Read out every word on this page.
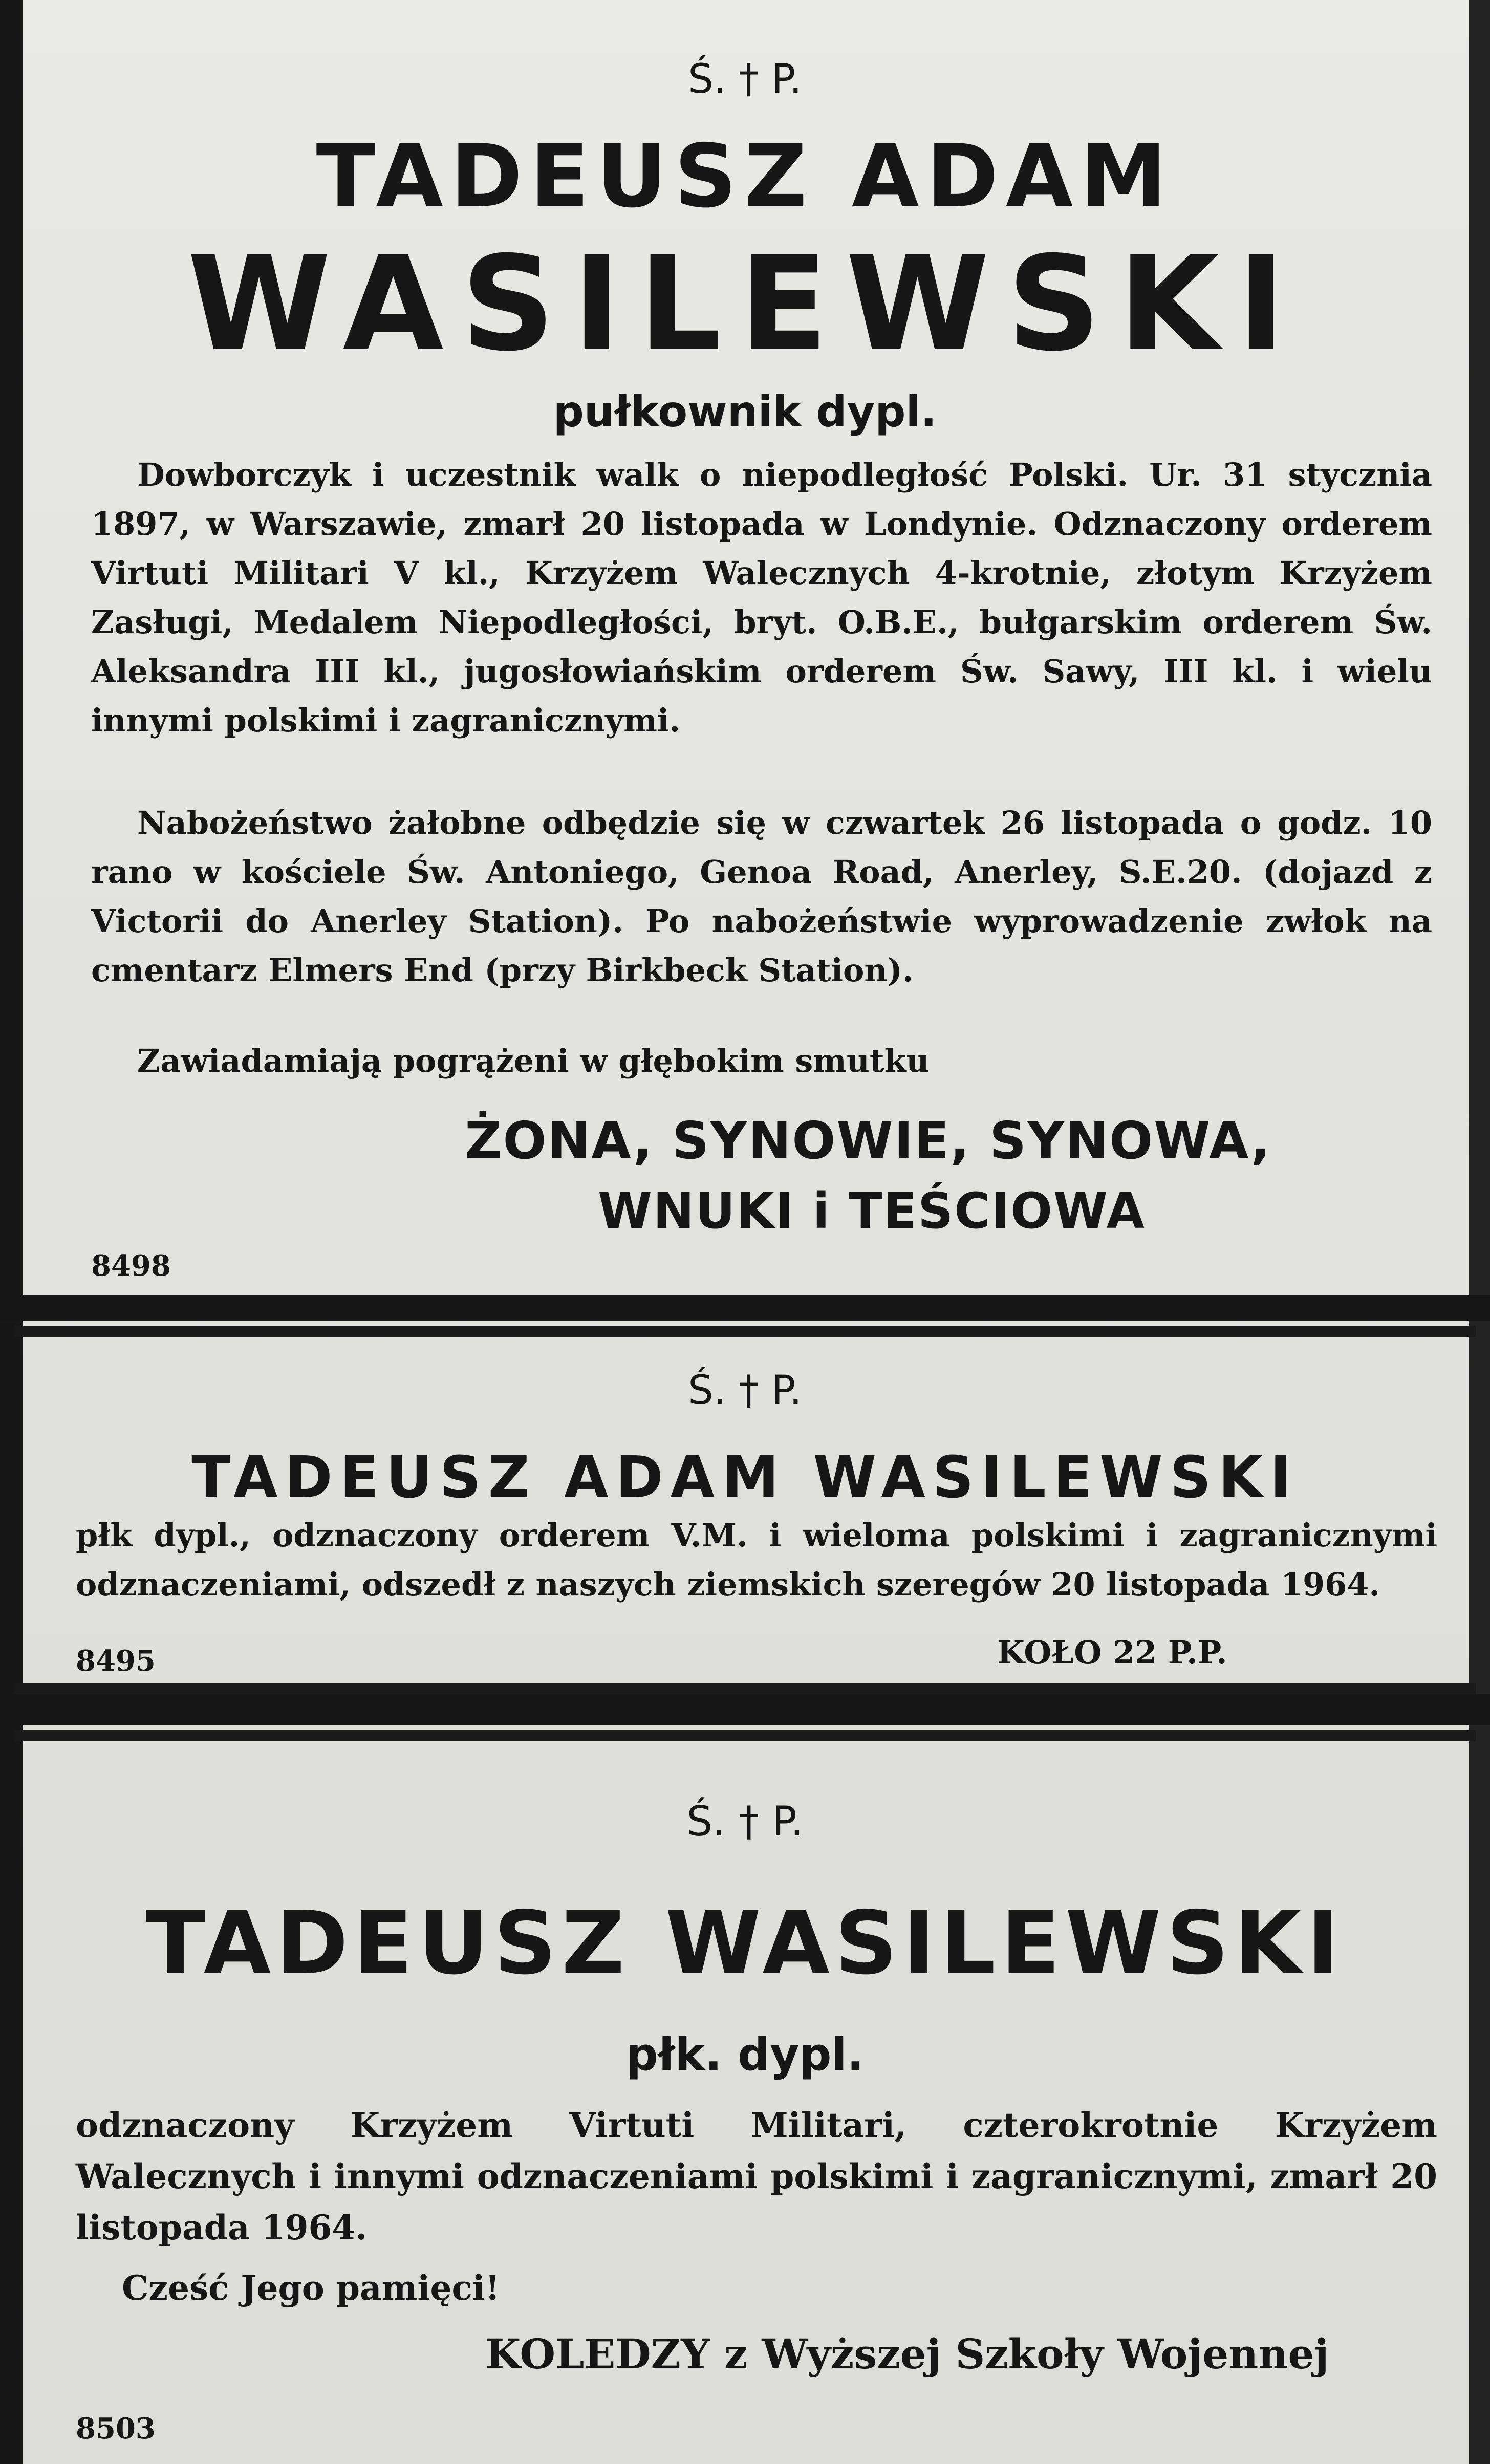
Ś. † P.
TADEUSZ ADAM
WASILEWSKI
pułkownik dypl.

Dowborczyk i uczestnik walk o niepodległość Polski. Ur. 31 stycznia 1897, w Warszawie, zmarł 20 listopada w Londynie. Odznaczony orderem Virtuti Militari V kl., Krzyżem Walecznych 4-krotnie, złotym Krzyżem Zasługi, Medalem Niepodległości, bryt. O.B.E., bułgarskim orderem Św. Aleksandra III kl., jugosłowiańskim orderem Św. Sawy, III kl. i wielu innymi polskimi i zagranicznymi.

Nabożeństwo żałobne odbędzie się w czwartek 26 listopada o godz. 10 rano w kościele Św. Antoniego, Genoa Road, Anerley, S.E.20. (dojazd z Victorii do Anerley Station). Po nabożeństwie wyprowadzenie zwłok na cmentarz Elmers End (przy Birkbeck Station).

Zawiadamiają pogrążeni w głębokim smutku

ŻONA, SYNOWIE, SYNOWA,
WNUKI i TEŚCIOWA
8498
Ś. † P.
TADEUSZ ADAM WASILEWSKI

płk dypl., odznaczony orderem V.M. i wieloma polskimi i zagranicznymi odznaczeniami, odszedł z naszych ziemskich szeregów 20 listopada 1964.

KOŁO 22 P.P.
8495
Ś. † P.
TADEUSZ WASILEWSKI
płk. dypl.

odznaczony Krzyżem Virtuti Militari, czterokrotnie Krzyżem Walecznych i innymi odznaczeniami polskimi i zagranicznymi, zmarł 20 listopada 1964.

Cześć Jego pamięci!
KOLEDZY z Wyższej Szkoły Wojennej
8503
